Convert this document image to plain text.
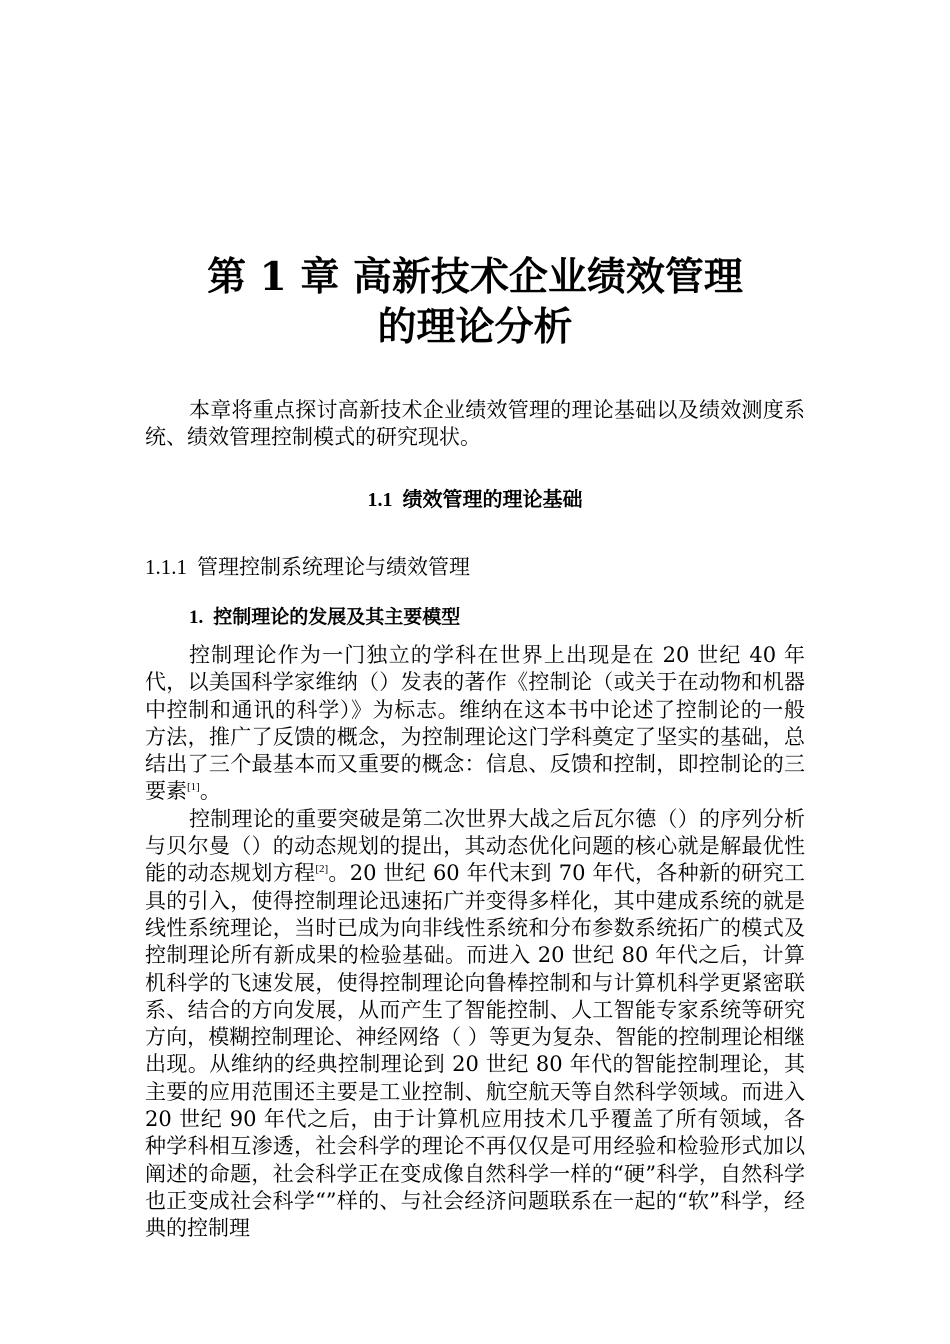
第 1 章 高新技术企业绩效管理
的理论分析

本章将重点探讨高新技术企业绩效管理的理论基础以及绩效测度系统、绩效管理控制模式的研究现状。

1.1 绩效管理的理论基础
1.1.1 管理控制系统理论与绩效管理
1. 控制理论的发展及其主要模型

控制理论作为一门独立的学科在世界上出现是在 20 世纪 40 年代，以美国科学家维纳（）发表的著作《控制论（或关于在动物和机器中控制和通讯的科学）》为标志。维纳在这本书中论述了控制论的一般方法，推广了反馈的概念，为控制理论这门学科奠定了坚实的基础，总结出了三个最基本而又重要的概念：信息、反馈和控制，即控制论的三要素[1]。

控制理论的重要突破是第二次世界大战之后瓦尔德（）的序列分析与贝尔曼（）的动态规划的提出，其动态优化问题的核心就是解最优性能的动态规划方程[2]。20 世纪 60 年代末到 70 年代，各种新的研究工具的引入，使得控制理论迅速拓广并变得多样化，其中建成系统的就是线性系统理论，当时已成为向非线性系统和分布参数系统拓广的模式及控制理论所有新成果的检验基础。而进入 20 世纪 80 年代之后，计算机科学的飞速发展，使得控制理论向鲁棒控制和与计算机科学更紧密联系、结合的方向发展，从而产生了智能控制、人工智能专家系统等研究方向，模糊控制理论、神经网络（ ）等更为复杂、智能的控制理论相继出现。从维纳的经典控制理论到 20 世纪 80 年代的智能控制理论，其主要的应用范围还主要是工业控制、航空航天等自然科学领域。而进入 20 世纪 90 年代之后，由于计算机应用技术几乎覆盖了所有领域，各种学科相互渗透，社会科学的理论不再仅仅是可用经验和检验形式加以阐述的命题，社会科学正在变成像自然科学一样的“硬”科学，自然科学也正变成社会科学“”样的、与社会经济问题联系在一起的“软”科学，经典的控制理
